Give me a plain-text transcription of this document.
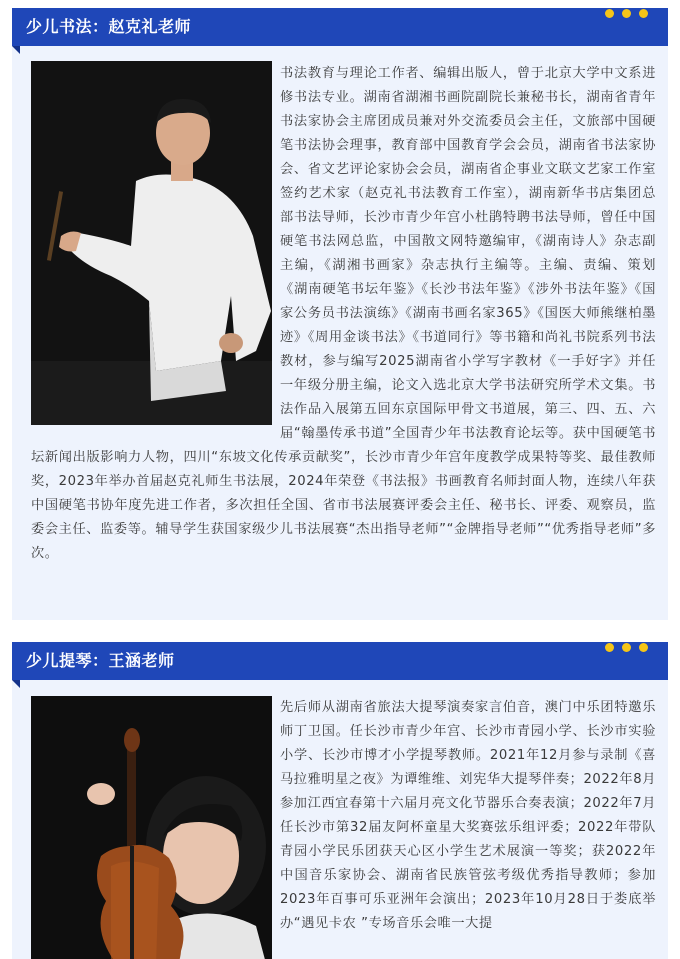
少儿书法：赵克礼老师
书法教育与理论工作者、编辑出版人，曾于北京大学中文系进修书法专业。湖南省湖湘书画院副院长兼秘书长，湖南省青年书法家协会主席团成员兼对外交流委员会主任，文旅部中国硬笔书法协会理事，教育部中国教育学会会员，湖南省书法家协会、省文艺评论家协会会员，湖南省企事业文联文艺家工作室签约艺术家（赵克礼书法教育工作室），湖南新华书店集团总部书法导师，长沙市青少年宫小杜鹃特聘书法导师，曾任中国硬笔书法网总监，中国散文网特邀编审，《湖南诗人》杂志副主编，《湖湘书画家》杂志执行主编等。主编、责编、策划《湖南硬笔书坛年鉴》《长沙书法年鉴》《涉外书法年鉴》《国家公务员书法演练》《湖南书画名家365》《国医大师熊继柏墨迹》《周用金谈书法》《书道同行》等书籍和尚礼书院系列书法教材，参与编写2025湖南省小学写字教材《一手好字》并任一年级分册主编，论文入选北京大学书法研究所学术文集。书法作品入展第五回东京国际甲骨文书道展，第三、四、五、六届“翰墨传承书道”全国青少年书法教育论坛等。获中国硬笔书坛新闻出版影响力人物，四川“东坡文化传承贡献奖”，长沙市青少年宫年度教学成果特等奖、最佳教师奖，2023年举办首届赵克礼师生书法展，2024年荣登《书法报》书画教育名师封面人物，连续八年获中国硬笔书协年度先进工作者，多次担任全国、省市书法展赛评委会主任、秘书长、评委、观察员，监委会主任、监委等。辅导学生获国家级少儿书法展赛“杰出指导老师”“金牌指导老师”“优秀指导老师”多次。
少儿提琴：王涵老师
先后师从湖南省旅法大提琴演奏家言伯音，澳门中乐团特邀乐师丁卫国。任长沙市青少年宫、长沙市青园小学、长沙市实验小学、长沙市博才小学提琴教师。2021年12月参与录制《喜马拉雅明星之夜》为谭维维、刘宪华大提琴伴奏；2022年8月参加江西宜春第十六届月亮文化节器乐合奏表演；2022年7月任长沙市第32届友阿杯童星大奖赛弦乐组评委；2022年带队青园小学民乐团获天心区小学生艺术展演一等奖；获2022年中国音乐家协会、湖南省民族管弦考级优秀指导教师；参加2023年百事可乐亚洲年会演出；2023年10月28日于娄底举办“遇见卡农 ”专场音乐会唯一大提
